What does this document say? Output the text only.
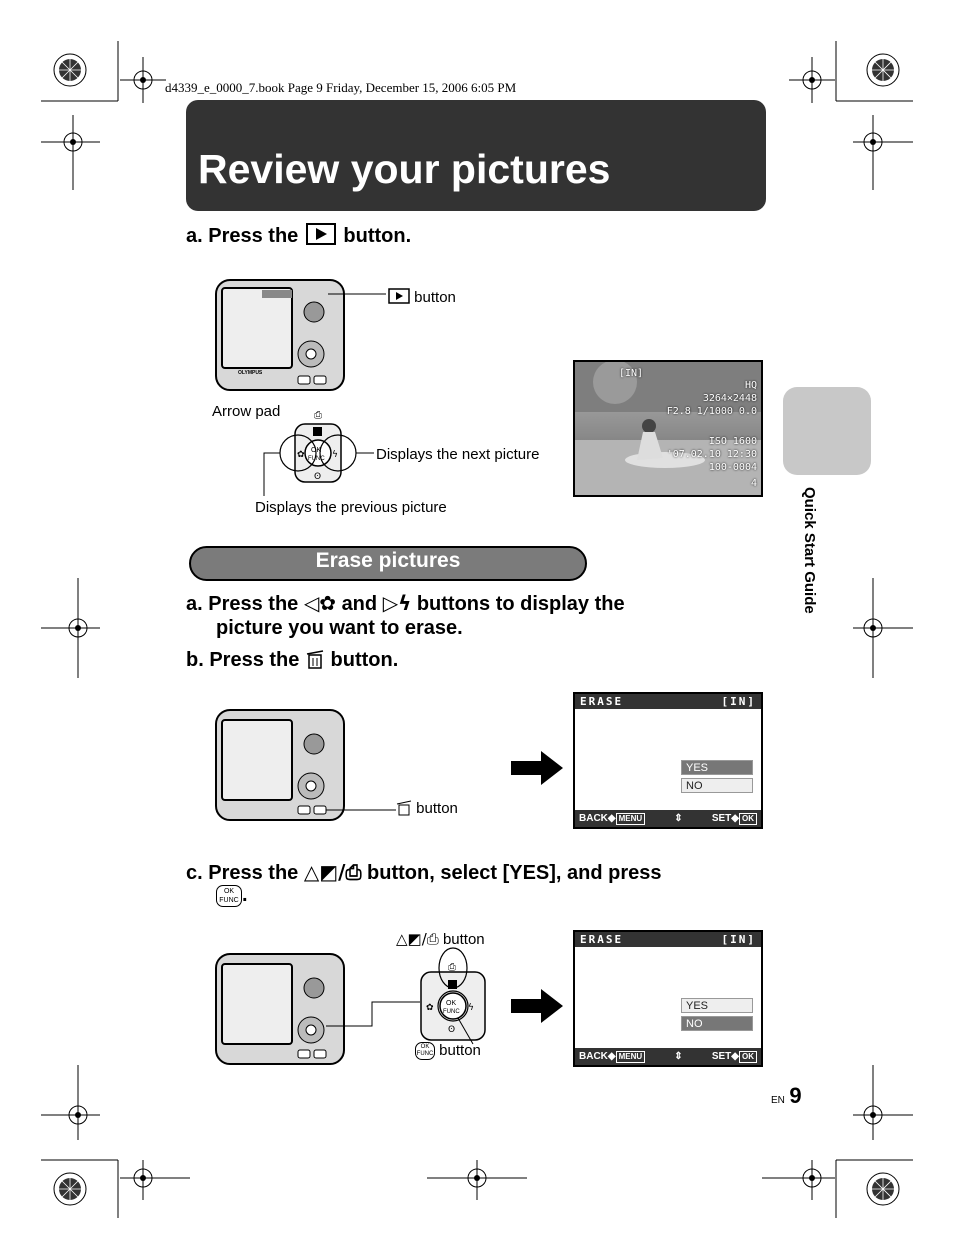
d4339_e_0000_7.book Page 9 Friday, December 15, 2006 6:05 PM
Review your pictures
Quick Start Guide
a. Press the button.
OLYMPUS
button
Arrow pad	⎙
OK
FUNC
✿	ϟ
ʘ
Displays the next picture
Displays the previous picture
[IN]
HQ
3264×2448
F2.8 1/1000 0.0
ISO 1600
'07.02.10 12:30
100-0004
4
Erase pictures
a. Press the ◁✿ and ▷ϟ buttons to display the
picture you want to erase.
b. Press the button.
button
ERASE	[IN]
YES
NO
BACK◆ MENU	⇕	SET◆ OK
c. Press the △◩/⎙ button, select [YES], and press
OK
FUNC .
△◩/⎙ button
OK
FUNC
⎙
✿	ϟ
ʘ
OK
FUNC button
ERASE	[IN]
YES
NO
BACK◆ MENU	⇕	SET◆ OK
EN 9
